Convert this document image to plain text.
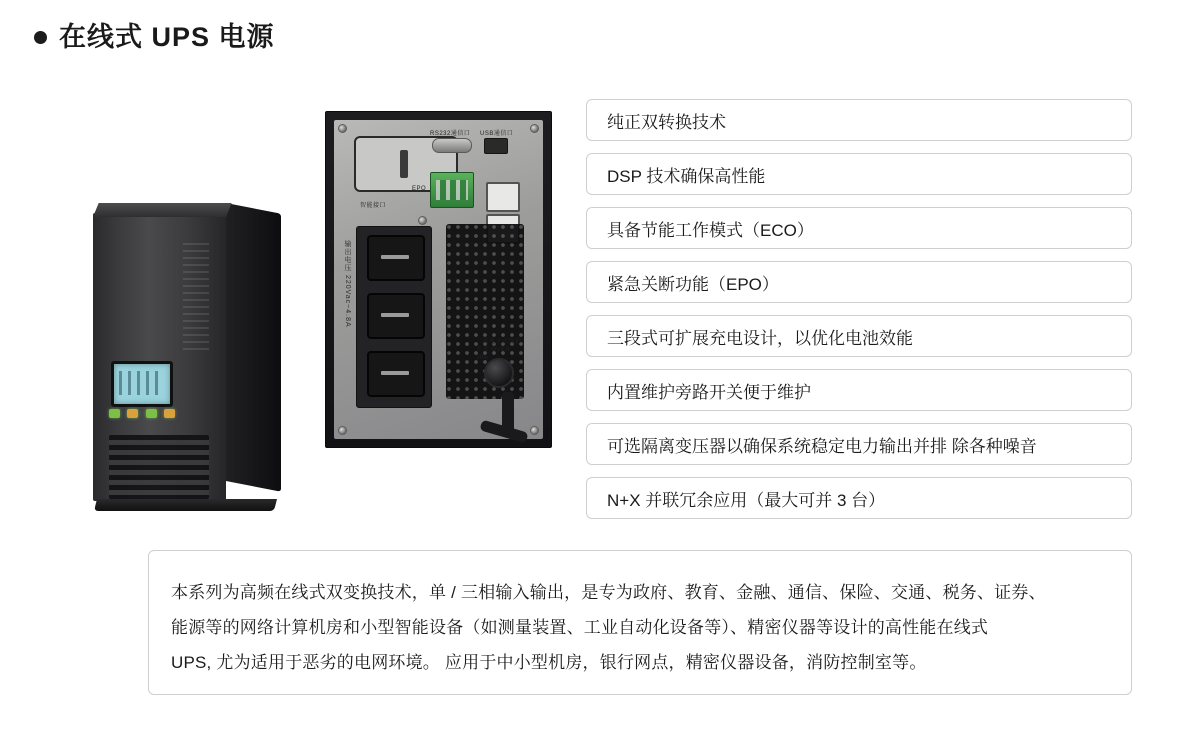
在线式 UPS 电源
RS232通信口 USB通信口
EPO
智能接口
输出电压 220Vac~4.8A
二次电子式保护开关 OVER 30A
纯正双转换技术
DSP 技术确保高性能
具备节能工作模式（ECO）
紧急关断功能（EPO）
三段式可扩展充电设计，以优化电池效能
内置维护旁路开关便于维护
可选隔离变压器以确保系统稳定电力输出并排 除各种噪音
N+X 并联冗余应用（最大可并 3 台）
本系列为高频在线式双变换技术，单 / 三相输入输出，是专为政府、教育、金融、通信、保险、交通、税务、证券、
能源等的网络计算机房和小型智能设备（如测量装置、工业自动化设备等）、精密仪器等设计的高性能在线式
UPS, 尤为适用于恶劣的电网环境。 应用于中小型机房，银行网点，精密仪器设备，消防控制室等。
